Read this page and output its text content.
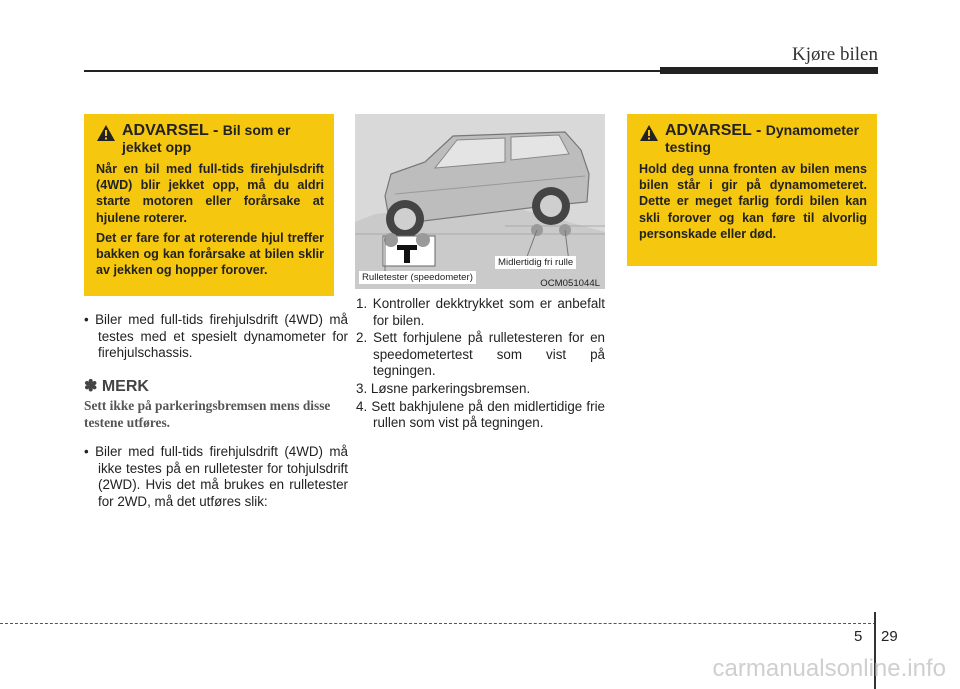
Kjøre bilen
ADVARSEL - Bil som er jekket opp

Når en bil med full-tids firehjulsdrift (4WD) blir jekket opp, må du aldri starte motoren eller forårsake at hjulene roterer.

Det er fare for at roterende hjul treffer bakken og kan forårsake at bilen sklir av jekken og hopper forover.

• Biler med full-tids firehjulsdrift (4WD) må testes med et spesielt dynamometer for firehjulschassis.

✽ MERK
Sett ikke på parkeringsbremsen mens disse testene utføres.

• Biler med full-tids firehjulsdrift (4WD) må ikke testes på en rulletester for tohjulsdrift (2WD). Hvis det må brukes en rulletester for 2WD, må det utføres slik:

Rulletester (speedometer)
Midlertidig fri rulle
OCM051044L
1. Kontroller dekktrykket som er anbefalt for bilen.
2. Sett forhjulene på rulletesteren for en speedometertest som vist på tegningen.
3. Løsne parkeringsbremsen.
4. Sett bakhjulene på den midlertidige frie rullen som vist på tegningen.
ADVARSEL - Dynamometer testing

Hold deg unna fronten av bilen mens bilen står i gir på dynamometeret. Dette er meget farlig fordi bilen kan skli forover og kan føre til alvorlig personskade eller død.

5 29
carmanualsonline.info
